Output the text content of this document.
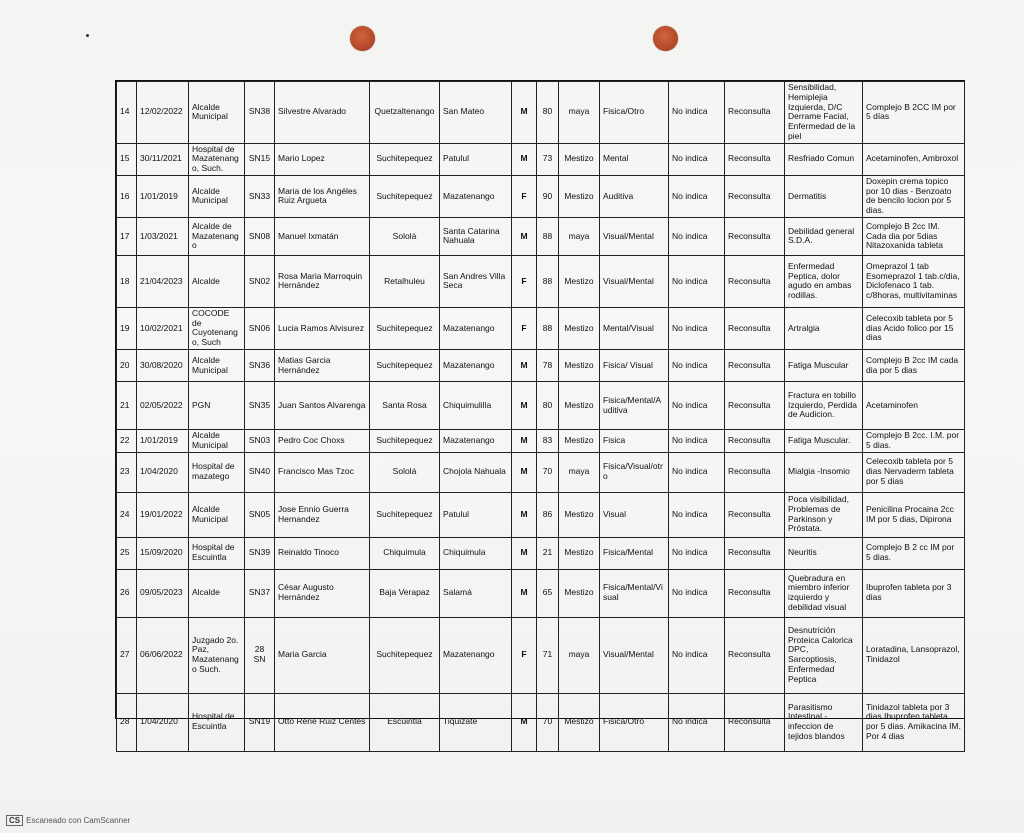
14	12/02/2022	Alcalde Municipal	SN38	Silvestre Alvarado	Quetzaltenango	San Mateo	M	80	maya	Fisica/Otro	No indica	Reconsulta	Sensibilidad, Hemiplejia Izquierda, D/C Derrame Facial, Enfermedad de la piel	Complejo B 2CC IM por 5 días
15	30/11/2021	Hospital de Mazatenango, Such.	SN15	Mario Lopez	Suchitepequez	Patulul	M	73	Mestizo	Mental	No indica	Reconsulta	Resfriado Comun	Acetaminofen, Ambroxol
16	1/01/2019	Alcalde Municipal	SN33	Maria de los Angéles Ruiz Argueta	Suchitepequez	Mazatenango	F	90	Mestizo	Auditiva	No indica	Reconsulta	Dermatitis	Doxepin crema topico por 10 dias - Benzoato de bencilo locion por 5 dias.
17	1/03/2021	Alcalde de Mazatenango	SN08	Manuel Ixmatán	Sololá	Santa Catarina Nahuala	M	88	maya	Visual/Mental	No indica	Reconsulta	Debilidad general S.D.A.	Complejo B 2cc IM. Cada dia por 5dias Nitazoxanida tableta
18	21/04/2023	Alcalde	SN02	Rosa Maria Marroquin Hernández	Retalhuleu	San Andres Villa Seca	F	88	Mestizo	Visual/Mental	No indica	Reconsulta	Enfermedad Peptica, dolor agudo en ambas rodillas.	Omeprazol 1 tab Esomeprazol 1 tab.c/dia, Diclofenaco 1 tab. c/8horas, multivitaminas
19	10/02/2021	COCODE de Cuyotenango, Such	SN06	Lucia Ramos Alvisurez	Suchitepequez	Mazatenango	F	88	Mestizo	Mental/Visual	No indica	Reconsulta	Artralgia	Celecoxib tableta por 5 dias Acido folico por 15 dias
20	30/08/2020	Alcalde Municipal	SN36	Matias Garcia Hernández	Suchitepequez	Mazatenango	M	78	Mestizo	Fisica/ Visual	No indica	Reconsulta	Fatiga Muscular	Complejo B 2cc IM cada dia por 5 dias
21	02/05/2022	PGN	SN35	Juan Santos Alvarenga	Santa Rosa	Chiquimulilla	M	80	Mestizo	Fisica/Mental/Auditiva	No indica	Reconsulta	Fractura en tobillo Izquierdo, Perdida de Audicion.	Acetaminofen
22	1/01/2019	Alcalde Municipal	SN03	Pedro Coc Choxs	Suchitepequez	Mazatenango	M	83	Mestizo	Fisica	No indica	Reconsulta	Fatiga Muscular.	Complejo B 2cc. I.M. por 5 dias.
23	1/04/2020	Hospital de mazatego	SN40	Francisco Mas Tzoc	Sololá	Chojola Nahuala	M	70	maya	Fisica/Visual/otro	No indica	Reconsulta	Mialgia -Insomio	Celecoxib tableta por 5 dias Nervaderm tableta por 5 dias
24	19/01/2022	Alcalde Municipal	SN05	Jose Ennio Guerra Hernandez	Suchitepequez	Patulul	M	86	Mestizo	Visual	No indica	Reconsulta	Poca visibilidad, Problemas de Parkinson y Próstata.	Penicilina Procaina 2cc IM por 5 dias, Dipirona
25	15/09/2020	Hospital de Escuintla	SN39	Reinaldo Tinoco	Chiquimula	Chiquimula	M	21	Mestizo	Fisica/Mental	No indica	Reconsulta	Neuritis	Complejo B 2 cc IM por 5 dias.
26	09/05/2023	Alcalde	SN37	César Augusto Hernández	Baja Verapaz	Salamá	M	65	Mestizo	Fisica/Mental/Visual	No indica	Reconsulta	Quebradura en miembro inferior izquierdo y debilidad visual	Ibuprofen tableta por 3 dias
27	06/06/2022	Juzgado 2o. Paz, Mazatenango Such.	28 SN	Maria Garcia	Suchitepequez	Mazatenango	F	71	maya	Visual/Mental	No indica	Reconsulta	Desnutrición Proteica Calorica DPC, Sarcoptiosis, Enfermedad Peptica	Loratadina, Lansoprazol, Tinidazol
28	1/04/2020	Hospital de Escuintla	SN19	Otto Rene Ruiz Centes	Escuintla	Tiquizate	M	70	Mestizo	Fisica/Otro	No indica	Reconsulta	Parasitismo Intestinal - infeccion de tejidos blandos	Tinidazol tableta por 3 dias Ibuprofen tableta por 5 dias. Amikacina IM. Por 4 dias
CS Escaneado con CamScanner
